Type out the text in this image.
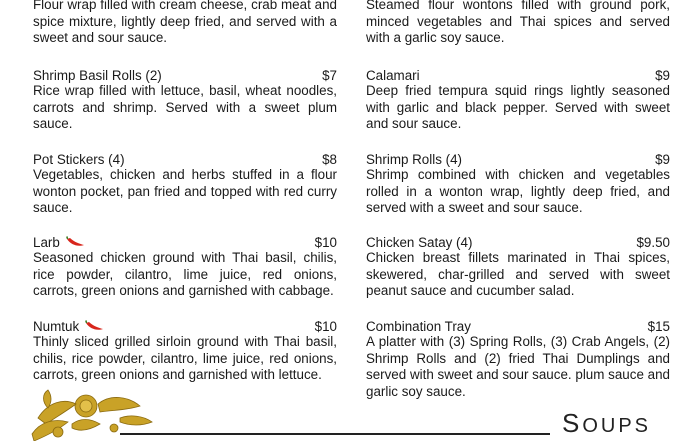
Flour wrap filled with cream cheese, crab meat and spice mixture, lightly deep fried, and served with a sweet and sour sauce.

Shrimp Basil Rolls (2)	$7

Rice wrap filled with lettuce, basil, wheat noodles, carrots and shrimp. Served with a sweet plum sauce.

Pot Stickers (4)	$8

Vegetables, chicken and herbs stuffed in a flour wonton pocket, pan fried and topped with red curry sauce.

Larb	$10

Seasoned chicken ground with Thai basil, chilis, rice powder, cilantro, lime juice, red onions, carrots, green onions and garnished with cabbage.

Numtuk	$10

Thinly sliced grilled sirloin ground with Thai basil, chilis, rice powder, cilantro, lime juice, red onions, carrots, green onions and garnished with lettuce.

Steamed flour wontons filled with ground pork, minced vegetables and Thai spices and served with a garlic soy sauce.

Calamari	$9

Deep fried tempura squid rings lightly seasoned with garlic and black pepper. Served with sweet and sour sauce.

Shrimp Rolls (4)	$9

Shrimp combined with chicken and vegetables rolled in a wonton wrap, lightly deep fried, and served with a sweet and sour sauce.

Chicken Satay (4)	$9.50

Chicken breast fillets marinated in Thai spices, skewered, char-grilled and served with sweet peanut sauce and cucumber salad.

Combination Tray	$15

A platter with (3) Spring Rolls, (3) Crab Angels, (2) Shrimp Rolls and (2) fried Thai Dumplings and served with sweet and sour sauce. plum sauce and garlic soy sauce.

SOUPS
